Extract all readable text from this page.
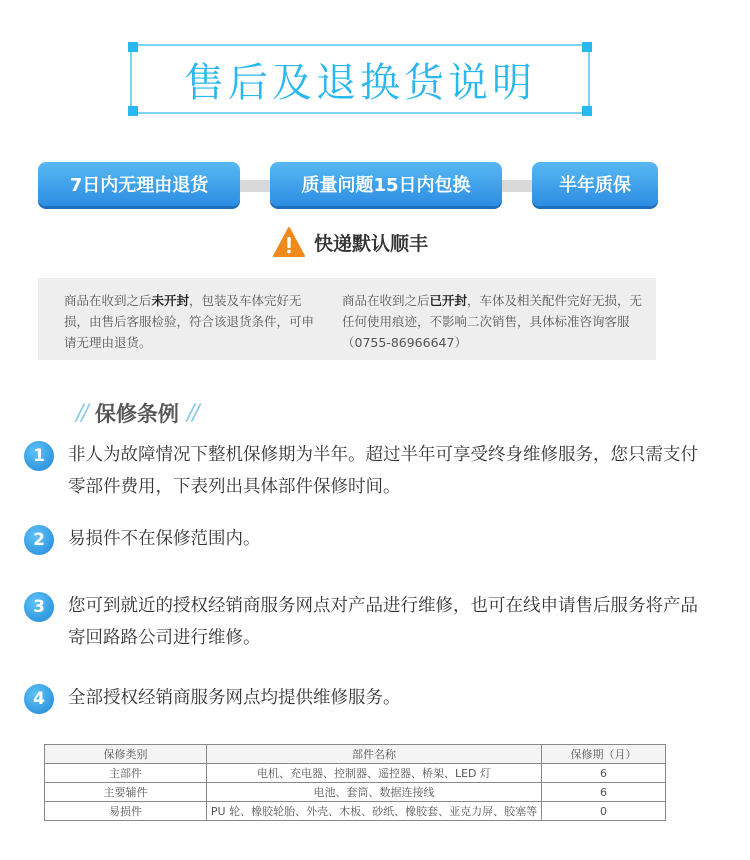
售后及退换货说明
7日内无理由退货	质量问题15日内包换	半年质保
快递默认顺丰
商品在收到之后未开封，包装及车体完好无损，由售后客服检验，符合该退货条件，可申请无理由退货。
商品在收到之后已开封，车体及相关配件完好无损，无任何使用痕迹，不影响二次销售，具体标准咨询客服（0755-86966647）
// 保修条例 //
1	非人为故障情况下整机保修期为半年。超过半年可享受终身维修服务，您只需支付零部件费用，下表列出具体部件保修时间。
2	易损件不在保修范围内。
3	您可到就近的授权经销商服务网点对产品进行维修，也可在线申请售后服务将产品寄回路路公司进行维修。
4	全部授权经销商服务网点均提供维修服务。
保修类别	部件名称	保修期（月）
主部件	电机、充电器、控制器、遥控器、桥架、LED 灯	6
主要辅件	电池、套筒、数据连接线	6
易损件	PU 轮、橡胶轮胎、外壳、木板、砂纸、橡胶套、亚克力屏、胶塞等	0
